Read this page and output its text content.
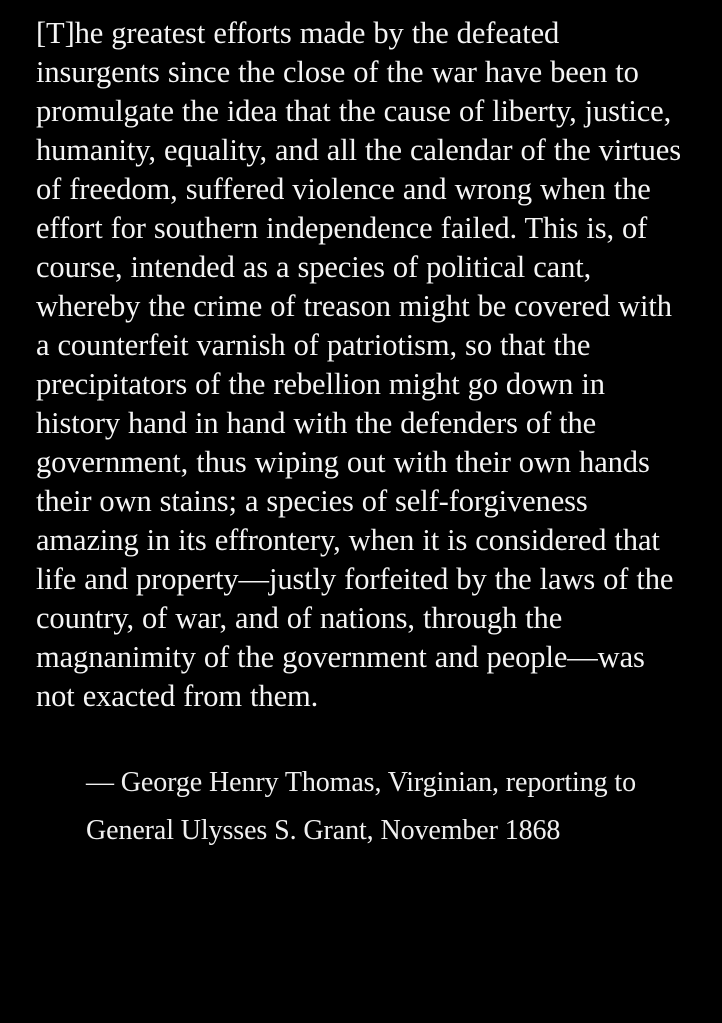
[T]he greatest efforts made by the defeated insurgents since the close of the war have been to promulgate the idea that the cause of liberty, justice, humanity, equality, and all the calendar of the virtues of freedom, suffered violence and wrong when the effort for southern independence failed. This is, of course, intended as a species of political cant, whereby the crime of treason might be covered with a counterfeit varnish of patriotism, so that the precipitators of the rebellion might go down in history hand in hand with the defenders of the government, thus wiping out with their own hands their own stains; a species of self-forgiveness amazing in its effrontery, when it is considered that life and property—justly forfeited by the laws of the country, of war, and of nations, through the magnanimity of the government and people—was not exacted from them.

— George Henry Thomas, Virginian, reporting to General Ulysses S. Grant, November 1868
